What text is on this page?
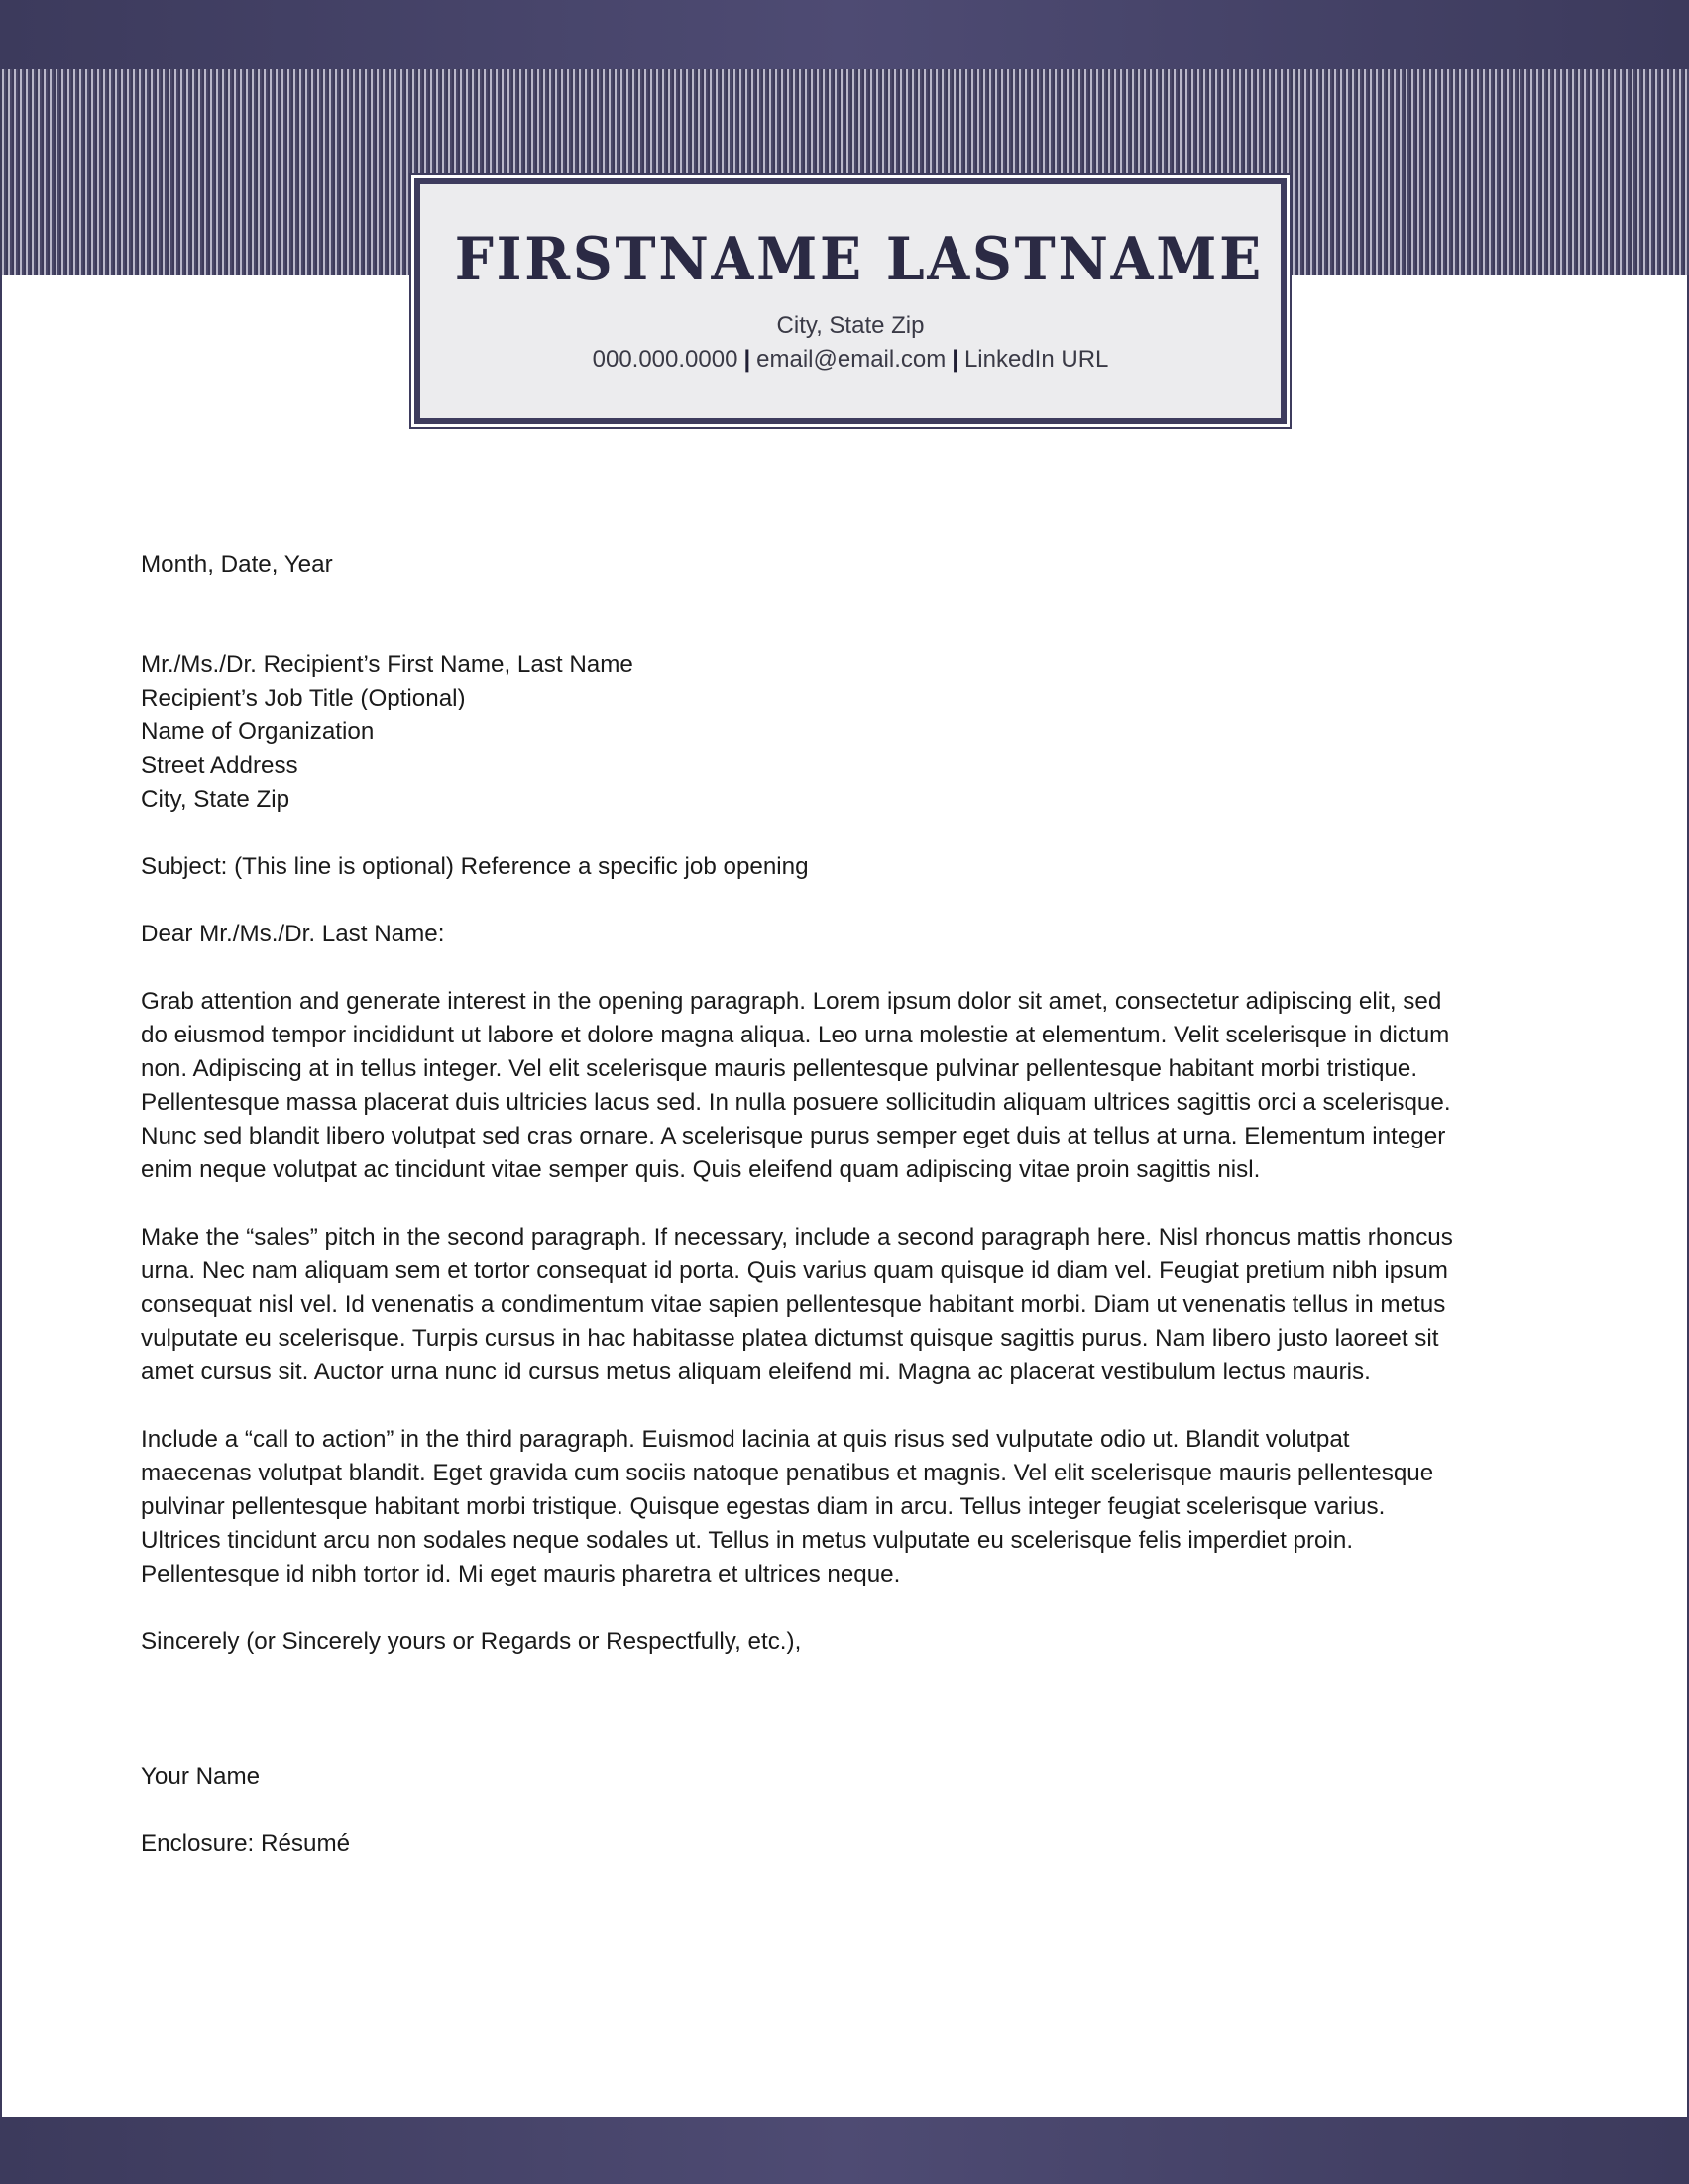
FIRSTNAME LASTNAME
City, State Zip
000.000.0000 | email@email.com | LinkedIn URL
Month, Date, Year
Mr./Ms./Dr. Recipient’s First Name, Last Name
Recipient’s Job Title (Optional)
Name of Organization
Street Address
City, State Zip
Subject: (This line is optional) Reference a specific job opening
Dear Mr./Ms./Dr. Last Name:
Grab attention and generate interest in the opening paragraph. Lorem ipsum dolor sit amet, consectetur adipiscing elit, sed
do eiusmod tempor incididunt ut labore et dolore magna aliqua. Leo urna molestie at elementum. Velit scelerisque in dictum
non. Adipiscing at in tellus integer. Vel elit scelerisque mauris pellentesque pulvinar pellentesque habitant morbi tristique.
Pellentesque massa placerat duis ultricies lacus sed. In nulla posuere sollicitudin aliquam ultrices sagittis orci a scelerisque.
Nunc sed blandit libero volutpat sed cras ornare. A scelerisque purus semper eget duis at tellus at urna. Elementum integer
enim neque volutpat ac tincidunt vitae semper quis. Quis eleifend quam adipiscing vitae proin sagittis nisl.
Make the “sales” pitch in the second paragraph. If necessary, include a second paragraph here. Nisl rhoncus mattis rhoncus
urna. Nec nam aliquam sem et tortor consequat id porta. Quis varius quam quisque id diam vel. Feugiat pretium nibh ipsum
consequat nisl vel. Id venenatis a condimentum vitae sapien pellentesque habitant morbi. Diam ut venenatis tellus in metus
vulputate eu scelerisque. Turpis cursus in hac habitasse platea dictumst quisque sagittis purus. Nam libero justo laoreet sit
amet cursus sit. Auctor urna nunc id cursus metus aliquam eleifend mi. Magna ac placerat vestibulum lectus mauris.
Include a “call to action” in the third paragraph. Euismod lacinia at quis risus sed vulputate odio ut. Blandit volutpat
maecenas volutpat blandit. Eget gravida cum sociis natoque penatibus et magnis. Vel elit scelerisque mauris pellentesque
pulvinar pellentesque habitant morbi tristique. Quisque egestas diam in arcu. Tellus integer feugiat scelerisque varius.
Ultrices tincidunt arcu non sodales neque sodales ut. Tellus in metus vulputate eu scelerisque felis imperdiet proin.
Pellentesque id nibh tortor id. Mi eget mauris pharetra et ultrices neque.
Sincerely (or Sincerely yours or Regards or Respectfully, etc.),
Your Name
Enclosure: Résumé
